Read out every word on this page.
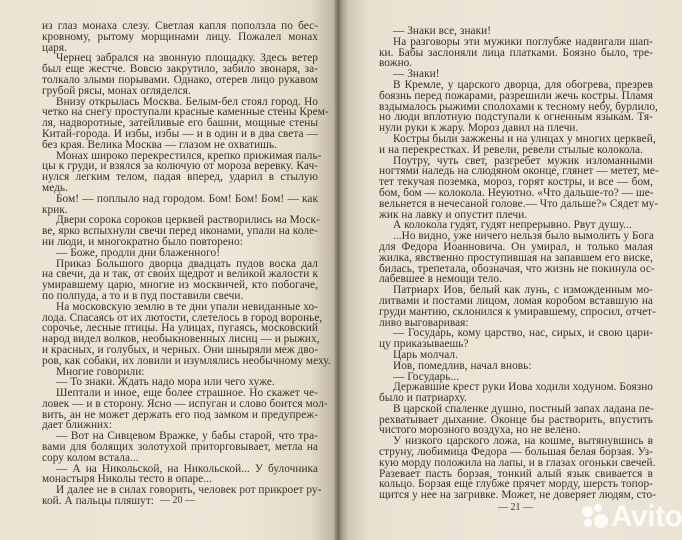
из глаз монаха слезу. Светлая капля поползла по бес-
кровному, рытому морщинами лицу. Пожалел монах
царя.
Чернец забрался на звонную площадку. Здесь ветер
был еще жестче. Вовсю закрутило, забило звонаря, за-
толкало злыми порывами. Однако, отерев лицо рукавом
грубой рясы, монах огляделся.
Внизу открылась Москва. Белым-бел стоял город. Но
четко на снегу проступали красные каменные стены Крем-
ля, надворотные, затейливые его башни, мощные стены
Китай-города. И избы, избы — и в один и в два света —
без края. Велика Москва — глазом не охватишь.
Монах широко перекрестился, крепко прижимая паль-
цы к груди, и взялся за колючую от мороза веревку. Кач-
нулся легким телом, падая вперед, ударил в стылую
медь.
Бом! — поплыло над городом. Бом! Бом! Бом! — как
крик.
Двери сорока сороков церквей растворились на Моск-
ве, ярко вспыхнули свечи перед иконами, упали на коле-
ни люди, и многократно было повторено:
— Боже, продли дни блаженного!
Приказ Большого дворца двадцать пудов воска дал
на свечи, да и так, от своих щедрот и великой жалости к
умиравшему царю, многие из москвичей, кто побогаче,
по полпуда, а то и в пуд поставили свечи.
На московскую землю в те дни упали невиданные хо-
лода. Спасаясь от их лютости, слетелось в город воронье,
сорочье, лесные птицы. На улицах, пугаясь, московский
народ видел волков, необыкновенных лисиц — и рыжих,
и красных, и голубых, и черных. Они шныряли меж дво-
ров, как собаки, их ловили и изумлялись необычному меху.
Многие говорили:
— То знаки. Ждать надо мора или чего хуже.
Шептали и иное, еще более страшное. Но скажет че-
ловек — и в сторону. Ясно — испуган и слово боится мол-
вить, ан не может держать его под замком и предупреж-
дает ближних:
— Вот на Сивцевом Вражке, у бабы старой, что тра-
вами для болящих золотухой приторговывает, метла на
сору колом встала...
— А на Никольской, на Никольской... У булочника
монастыря Николы тесто в опаре...
И далее не в силах говорить, человек рот прикроет ру-
кой. А пальцы пляшут: — 20 —
— Знаки все, знаки!
На разговоры эти мужики поглубже надвигали шап-
ки. Бабы заслоняли лица платками. Боязно было, тре-
вожно.
— Знаки!
В Кремле, у царского дворца, для обогрева, презрев
боязнь перед пожарами, разрешили жечь костры. Пламя
вздымалось рыжими сполохами к тесному небу, бурлило,
но люди вплотную подступали к огненным языкам. Тя-
нули руки к жару. Мороз давил на плечи.
Костры были зажжены и на улицах у многих церквей,
и на перекрестках. И ревели, ревели стылые колокола.
Поутру, чуть свет, разгребет мужик изломанными
ногтями наледь на слюдяном оконце, глянет — метет, ме-
тет текучая поземка, мороз, горят костры, и все — бом,
бом, бом — колокола. Неуютно. «Что дальше-то? — ше-
вельнется в нечесаной голове.— Что дальше?» Сядет му-
жик на лавку и опустит плечи.
А колокола гудят, гудят непрерывно. Рвут душу...
...Но видно, уже ничего нельзя было вымолить у Бога
для Федора Иоанновича. Он умирал, и только малая
жилка, явственно проступившая на запавшем его виске,
билась, трепетала, обозначая, что жизнь не покинула ос-
лабевшее в немощи тело.
Патриарх Иов, белый как лунь, с изможденным мо-
литвами и постами лицом, ломая коробом вставшую на
груди мантию, склонился к умиравшему, спросил, отчет-
ливо выговаривая:
— Государь, кому царство, нас, сирых, и свою цари-
цу приказываешь?
Царь молчал.
Иов, помедлив, начал вновь:
— Государь...
Державшие крест руки Иова ходили ходуном. Боязно
было и патриарху.
В царской спаленке душно, постный запах ладана пе-
рехватывает дыхание. Оконце бы растворить, впустить
чистого морозного воздуха, но не велено.
У низкого царского ложа, на кошме, вытянувшись в
струну, любимица Федора — большая белая борзая. Уз-
кую морду положила на лапы, и в глазах огоньки свечей.
Разевает пасть борзая, тонкий алый язык свивается в
кольцо. Борзая еще глубже прячет морду, шерсть топор-
щится у нее на загривке. Может, не доверяет людям, сто-
— 21 —	Avito
